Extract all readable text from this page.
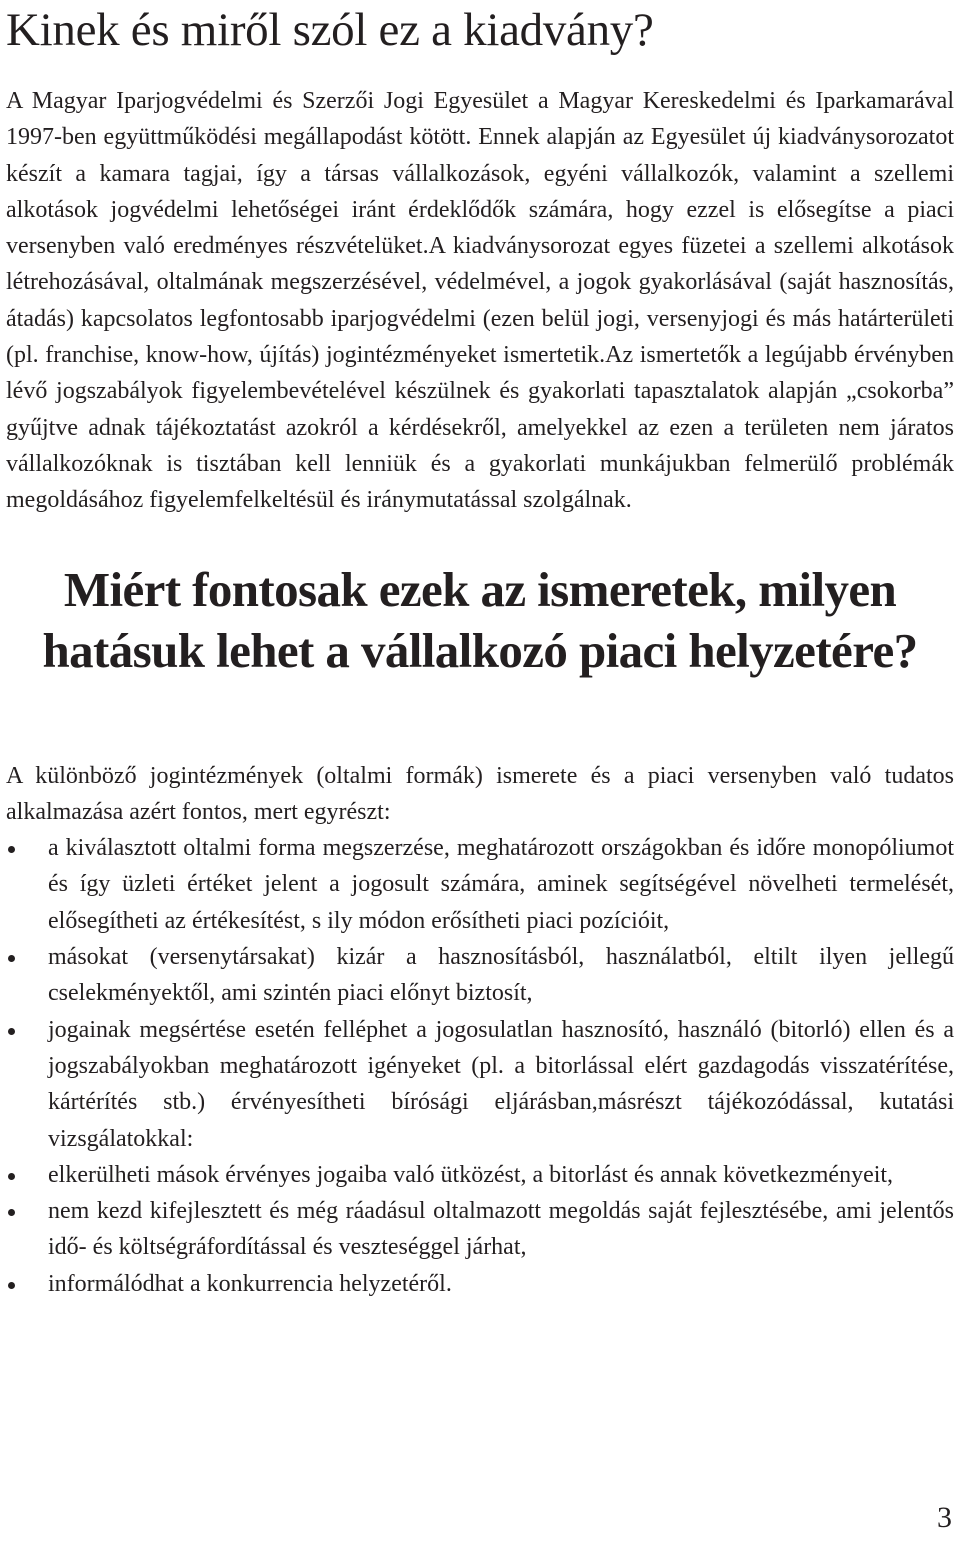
Kinek és miről szól ez a kiadvány?

A Magyar Iparjogvédelmi és Szerzői Jogi Egyesület a Magyar Kereskedelmi és Iparkamarával 1997-ben együttműködési megállapodást kötött. Ennek alapján az Egyesület új kiadványsorozatot készít a kamara tagjai, így a társas vállalkozások, egyéni vállalkozók, valamint a szellemi alkotások jogvédelmi lehetőségei iránt érdeklődők számára, hogy ezzel is elősegítse a piaci versenyben való eredményes részvételüket.A kiadványsorozat egyes füzetei a szellemi alkotások létrehozásával, oltalmának megszerzésével, védelmével, a jogok gyakorlásával (saját hasznosítás, átadás) kapcsolatos legfontosabb iparjogvédelmi (ezen belül jogi, versenyjogi és más határterületi (pl. franchise, know-how, újítás) jogintézményeket ismertetik.Az ismertetők a legújabb érvényben lévő jogszabályok figyelembevételével készülnek és gyakorlati tapasztalatok alapján „csokorba” gyűjtve adnak tájékoztatást azokról a kérdésekről, amelyekkel az ezen a területen nem járatos vállalkozóknak is tisztában kell lenniük és a gyakorlati munkájukban felmerülő problémák megoldásához figyelemfelkeltésül és iránymutatással szolgálnak.

Miért fontosak ezek az ismeretek, milyen hatásuk lehet a vállalkozó piaci helyzetére?

A különböző jogintézmények (oltalmi formák) ismerete és a piaci versenyben való tudatos alkalmazása azért fontos, mert egyrészt:

a kiválasztott oltalmi forma megszerzése, meghatározott országokban és időre monopóliumot és így üzleti értéket jelent a jogosult számára, aminek segítségével növelheti termelését, elősegítheti az értékesítést, s ily módon erősítheti piaci pozícióit,
másokat (versenytársakat) kizár a hasznosításból, használatból, eltilt ilyen jellegű cselekményektől, ami szintén piaci előnyt biztosít,
jogainak megsértése esetén felléphet a jogosulatlan hasznosító, használó (bitorló) ellen és a jogszabályokban meghatározott igényeket (pl. a bitorlással elért gazdagodás visszatérítése, kártérítés stb.) érvényesítheti bírósági eljárásban,másrészt tájékozódással, kutatási vizsgálatokkal:
elkerülheti mások érvényes jogaiba való ütközést, a bitorlást és annak következményeit,
nem kezd kifejlesztett és még ráadásul oltalmazott megoldás saját fejlesztésébe, ami jelentős idő- és költségráfordítással és veszteséggel járhat,
informálódhat a konkurrencia helyzetéről.
3
